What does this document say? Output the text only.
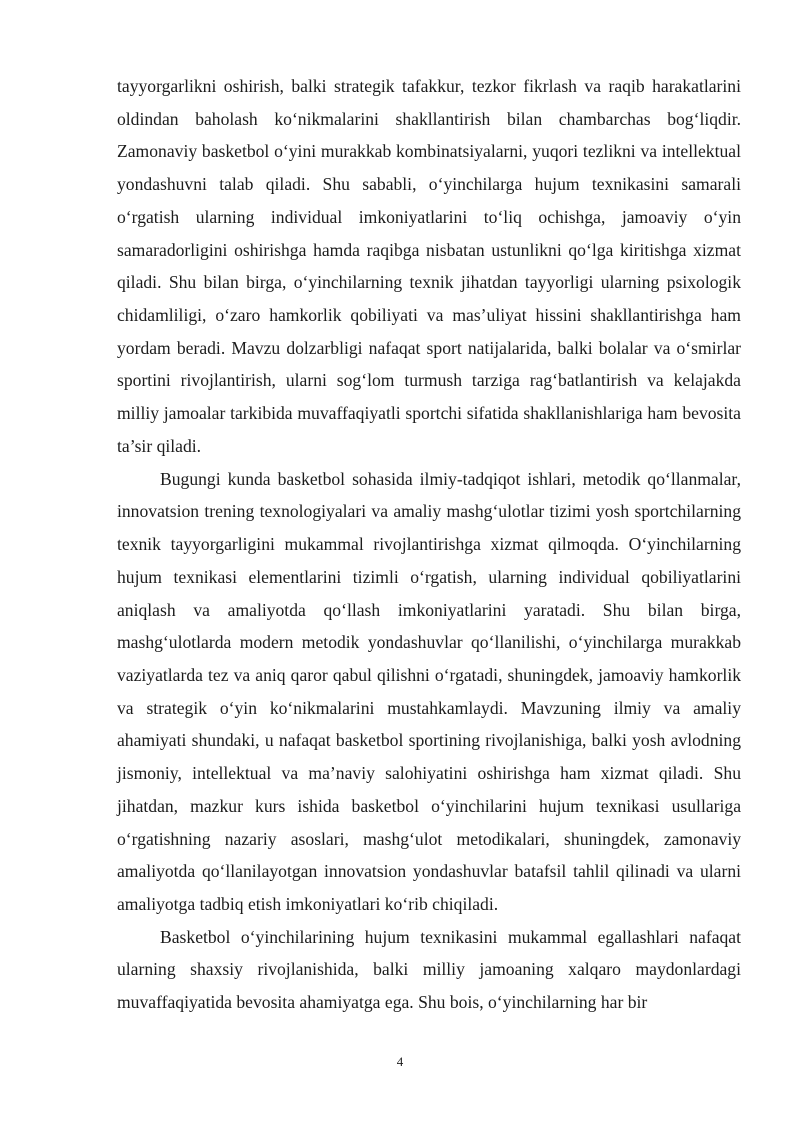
tayyorgarlikni oshirish, balki strategik tafakkur, tezkor fikrlash va raqib harakatlarini oldindan baholash ko‘nikmalarini shakllantirish bilan chambarchas bog‘liqdir. Zamonaviy basketbol o‘yini murakkab kombinatsiyalarni, yuqori tezlikni va intellektual yondashuvni talab qiladi. Shu sababli, o‘yinchilarga hujum texnikasini samarali o‘rgatish ularning individual imkoniyatlarini to‘liq ochishga, jamoaviy o‘yin samaradorligini oshirishga hamda raqibga nisbatan ustunlikni qo‘lga kiritishga xizmat qiladi. Shu bilan birga, o‘yinchilarning texnik jihatdan tayyorligi ularning psixologik chidamliligi, o‘zaro hamkorlik qobiliyati va mas’uliyat hissini shakllantirishga ham yordam beradi. Mavzu dolzarbligi nafaqat sport natijalarida, balki bolalar va o‘smirlar sportini rivojlantirish, ularni sog‘lom turmush tarziga rag‘batlantirish va kelajakda milliy jamoalar tarkibida muvaffaqiyatli sportchi sifatida shakllanishlariga ham bevosita ta’sir qiladi.

Bugungi kunda basketbol sohasida ilmiy-tadqiqot ishlari, metodik qo‘llanmalar, innovatsion trening texnologiyalari va amaliy mashg‘ulotlar tizimi yosh sportchilarning texnik tayyorgarligini mukammal rivojlantirishga xizmat qilmoqda. O‘yinchilarning hujum texnikasi elementlarini tizimli o‘rgatish, ularning individual qobiliyatlarini aniqlash va amaliyotda qo‘llash imkoniyatlarini yaratadi. Shu bilan birga, mashg‘ulotlarda modern metodik yondashuvlar qo‘llanilishi, o‘yinchilarga murakkab vaziyatlarda tez va aniq qaror qabul qilishni o‘rgatadi, shuningdek, jamoaviy hamkorlik va strategik o‘yin ko‘nikmalarini mustahkamlaydi. Mavzuning ilmiy va amaliy ahamiyati shundaki, u nafaqat basketbol sportining rivojlanishiga, balki yosh avlodning jismoniy, intellektual va ma’naviy salohiyatini oshirishga ham xizmat qiladi. Shu jihatdan, mazkur kurs ishida basketbol o‘yinchilarini hujum texnikasi usullariga o‘rgatishning nazariy asoslari, mashg‘ulot metodikalari, shuningdek, zamonaviy amaliyotda qo‘llanilayotgan innovatsion yondashuvlar batafsil tahlil qilinadi va ularni amaliyotga tadbiq etish imkoniyatlari ko‘rib chiqiladi.

Basketbol o‘yinchilarining hujum texnikasini mukammal egallashlari nafaqat ularning shaxsiy rivojlanishida, balki milliy jamoaning xalqaro maydonlardagi muvaffaqiyatida bevosita ahamiyatga ega. Shu bois, o‘yinchilarning har bir

4
